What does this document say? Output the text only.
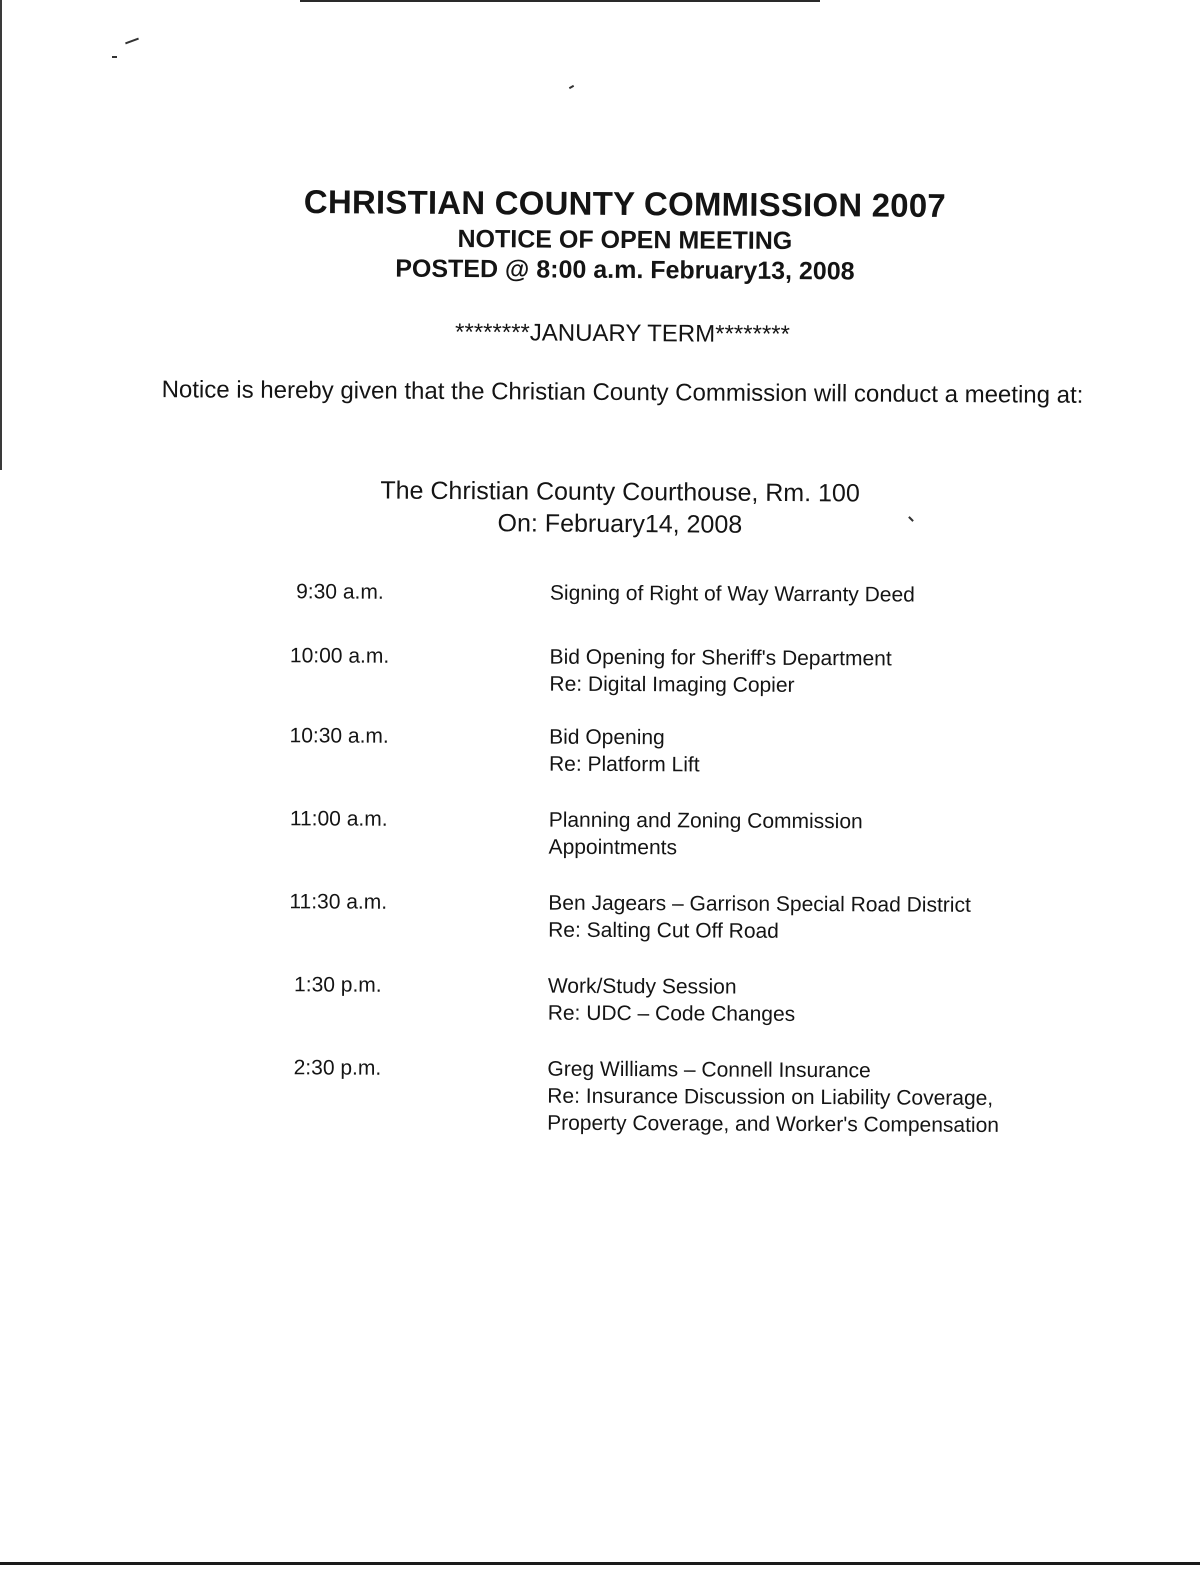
CHRISTIAN COUNTY COMMISSION 2007
NOTICE OF OPEN MEETING
POSTED @ 8:00 a.m. February13, 2008
********JANUARY TERM********
Notice is hereby given that the Christian County Commission will conduct a meeting at:
The Christian County Courthouse, Rm. 100
On: February14, 2008
9:30 a.m.	Signing of Right of Way Warranty Deed
10:00 a.m.	Bid Opening for Sheriff's Department
Re: Digital Imaging Copier
10:30 a.m.	Bid Opening
Re: Platform Lift
11:00 a.m.	Planning and Zoning Commission
Appointments
11:30 a.m.	Ben Jagears – Garrison Special Road District
Re: Salting Cut Off Road
1:30 p.m.	Work/Study Session
Re: UDC – Code Changes
2:30 p.m.	Greg Williams – Connell Insurance
Re: Insurance Discussion on Liability Coverage,
Property Coverage, and Worker's Compensation
